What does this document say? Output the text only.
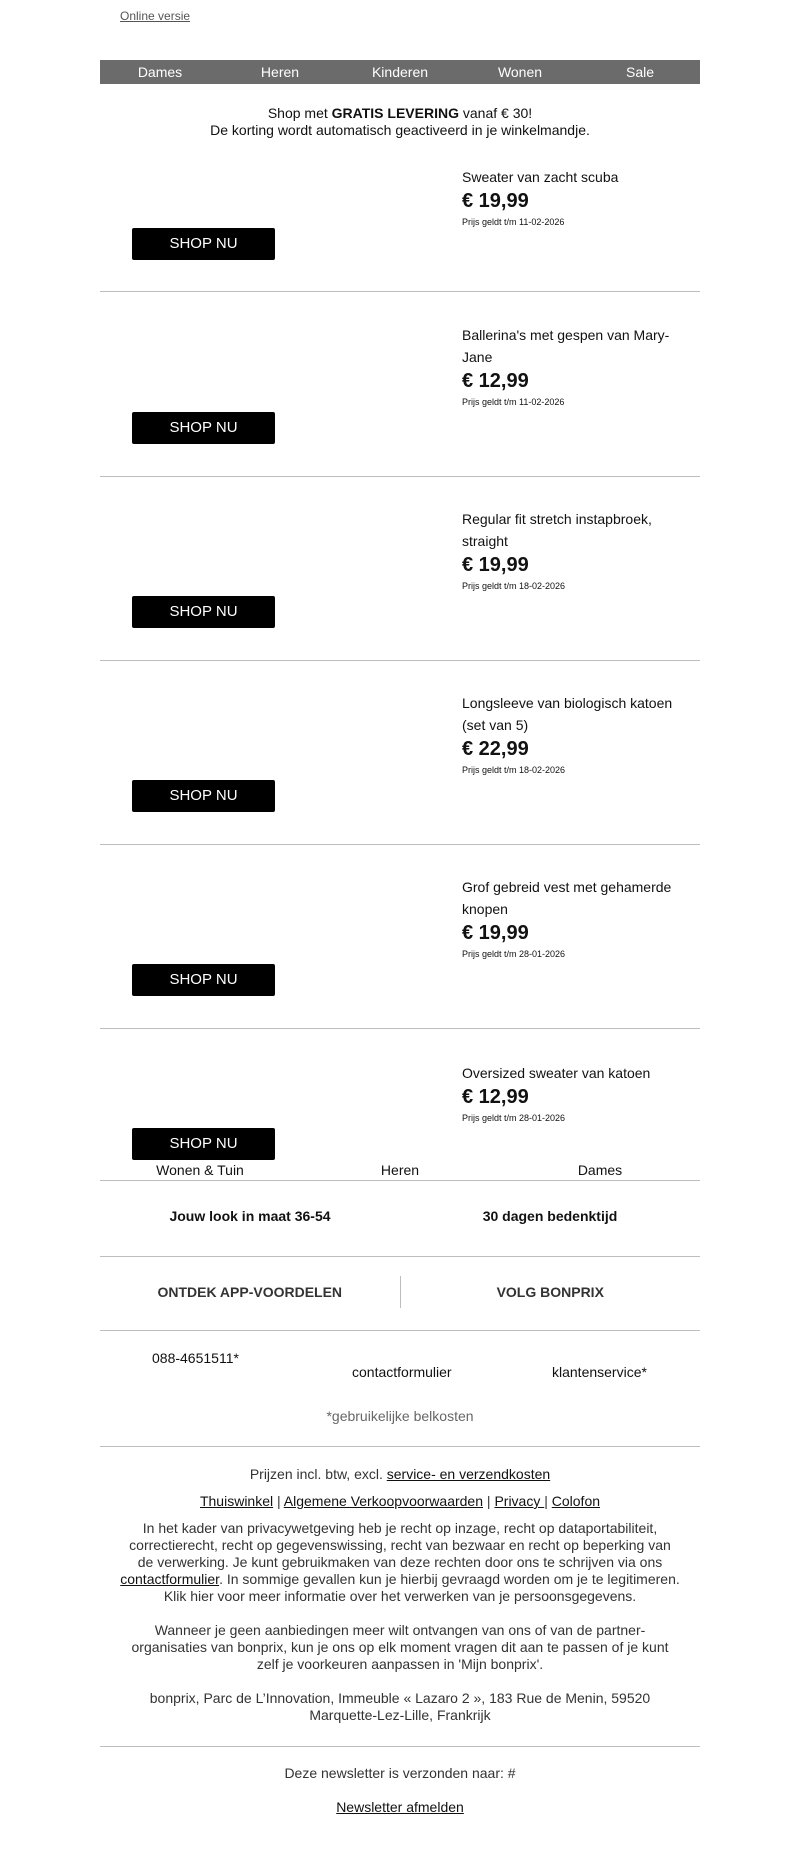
Online versie
Dames	Heren	Kinderen	Wonen	Sale
Shop met GRATIS LEVERING vanaf € 30!
De korting wordt automatisch geactiveerd in je winkelmandje.
Sweater van zacht scuba
€ 19,99
Prijs geldt t/m 11-02-2026
SHOP NU
Ballerina's met gespen van Mary-Jane
€ 12,99
Prijs geldt t/m 11-02-2026
SHOP NU
Regular fit stretch instapbroek, straight
€ 19,99
Prijs geldt t/m 18-02-2026
SHOP NU
Longsleeve van biologisch katoen (set van 5)
€ 22,99
Prijs geldt t/m 18-02-2026
SHOP NU
Grof gebreid vest met gehamerde knopen
€ 19,99
Prijs geldt t/m 28-01-2026
SHOP NU
Oversized sweater van katoen
€ 12,99
Prijs geldt t/m 28-01-2026
SHOP NU
Wonen & Tuin	Heren	Dames
Jouw look in maat 36-54	30 dagen bedenktijd
ONTDEK APP-VOORDELEN	VOLG BONPRIX
088-4651511*
contactformulier	klantenservice*
*gebruikelijke belkosten
Prijzen incl. btw, excl. service- en verzendkosten
Thuiswinkel | Algemene Verkoopvoorwaarden | Privacy | Colofon
In het kader van privacywetgeving heb je recht op inzage, recht op dataportabiliteit, correctierecht, recht op gegevenswissing, recht van bezwaar en recht op beperking van de verwerking. Je kunt gebruikmaken van deze rechten door ons te schrijven via ons contactformulier. In sommige gevallen kun je hierbij gevraagd worden om je te legitimeren. Klik hier voor meer informatie over het verwerken van je persoonsgegevens.
Wanneer je geen aanbiedingen meer wilt ontvangen van ons of van de partner-organisaties van bonprix, kun je ons op elk moment vragen dit aan te passen of je kunt zelf je voorkeuren aanpassen in 'Mijn bonprix'.
bonprix, Parc de L’Innovation, Immeuble « Lazaro 2 », 183 Rue de Menin, 59520 Marquette-Lez-Lille, Frankrijk
Deze newsletter is verzonden naar: #
Newsletter afmelden
